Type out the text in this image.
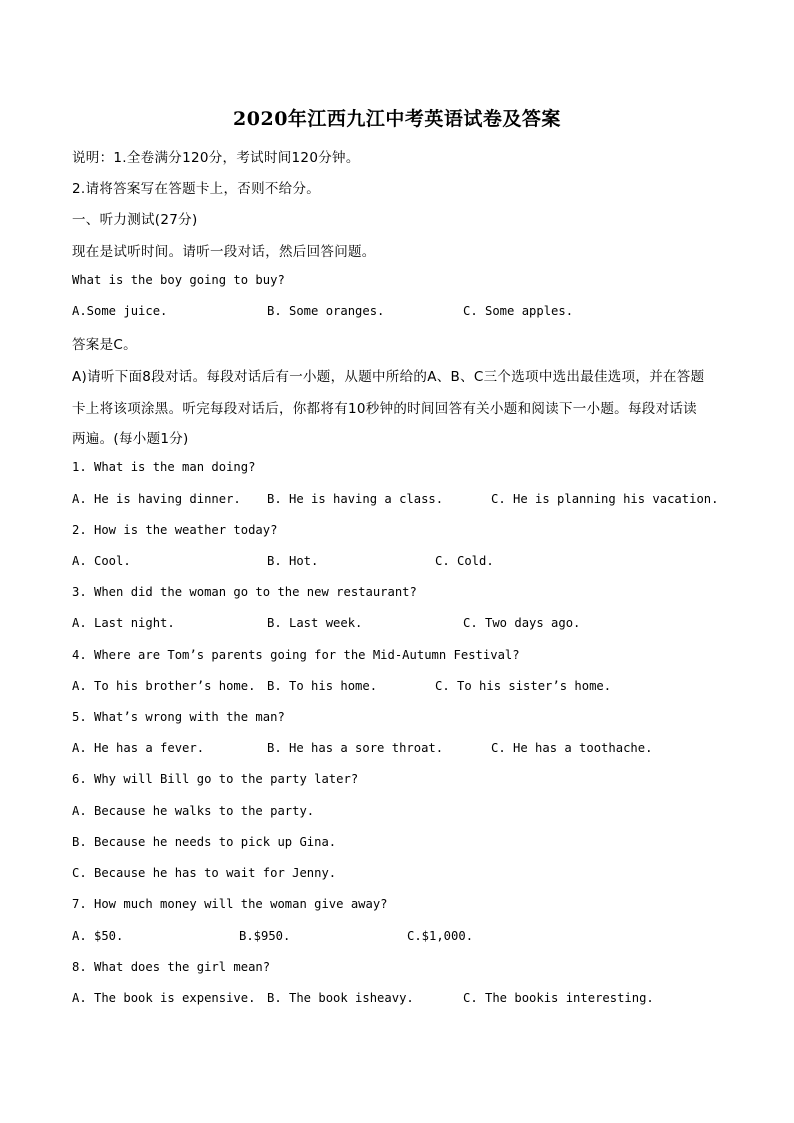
2020年江西九江中考英语试卷及答案
说明：1.全卷满分120分，考试时间120分钟。
2.请将答案写在答题卡上，否则不给分。
一、听力测试(27分)
现在是试听时间。请听一段对话，然后回答问题。
What is the boy going to buy?
A.Some juice.	B. Some oranges.	C. Some apples.
答案是C。
A)请听下面8段对话。每段对话后有一小题，从题中所给的A、B、C三个选项中选出最佳选项，并在答题
卡上将该项涂黑。听完每段对话后，你都将有10秒钟的时间回答有关小题和阅读下一小题。每段对话读
两遍。(每小题1分)
1. What is the man doing?
A. He is having dinner. B. He is having a class.	C. He is planning his vacation.
2. How is the weather today?
A. Cool.	B. Hot.	C. Cold.
3. When did the woman go to the new restaurant?
A. Last night.	B. Last week.	C. Two days ago.
4. Where are Tom’s parents going for the Mid-Autumn Festival?
A. To his brother’s home. B. To his home.	C. To his sister’s home.
5. What’s wrong with the man?
A. He has a fever.	B. He has a sore throat.	C. He has a toothache.
6. Why will Bill go to the party later?
A. Because he walks to the party.
B. Because he needs to pick up Gina.
C. Because he has to wait for Jenny.
7. How much money will the woman give away?
A. $50.	B.$950.	C.$1,000.
8. What does the girl mean?
A. The book is expensive. B. The book isheavy.	C. The bookis interesting.
